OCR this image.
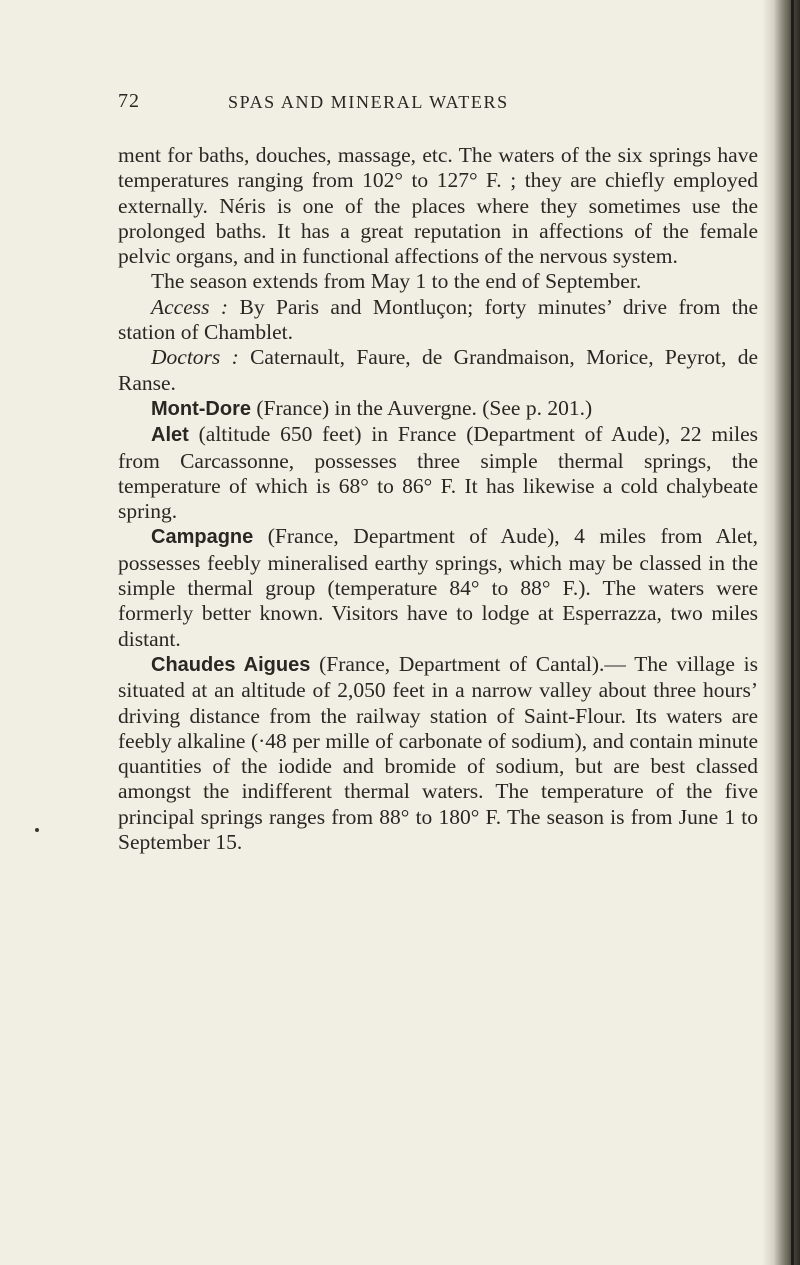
72	SPAS AND MINERAL WATERS

ment for baths, douches, massage, etc. The waters of the six springs have temperatures ranging from 102° to 127° F. ; they are chiefly employed externally. Néris is one of the places where they sometimes use the prolonged baths. It has a great reputation in affections of the female pelvic organs, and in functional affections of the nervous system.

The season extends from May 1 to the end of September.

Access : By Paris and Montluçon; forty minutes’ drive from the station of Chamblet.

Doctors : Caternault, Faure, de Grandmaison, Morice, Peyrot, de Ranse.

Mont-Dore (France) in the Auvergne. (See p. 201.)

Alet (altitude 650 feet) in France (Department of Aude), 22 miles from Carcassonne, possesses three simple thermal springs, the temperature of which is 68° to 86° F. It has likewise a cold chalybeate spring.

Campagne (France, Department of Aude), 4 miles from Alet, possesses feebly mineralised earthy springs, which may be classed in the simple thermal group (temperature 84° to 88° F.). The waters were formerly better known. Visitors have to lodge at Esperrazza, two miles distant.

Chaudes Aigues (France, Department of Cantal).— The village is situated at an altitude of 2,050 feet in a narrow valley about three hours’ driving distance from the railway station of Saint-Flour. Its waters are feebly alkaline (·48 per mille of carbonate of sodium), and contain minute quantities of the iodide and bromide of sodium, but are best classed amongst the indifferent thermal waters. The temperature of the five principal springs ranges from 88° to 180° F. The season is from June 1 to September 15.
